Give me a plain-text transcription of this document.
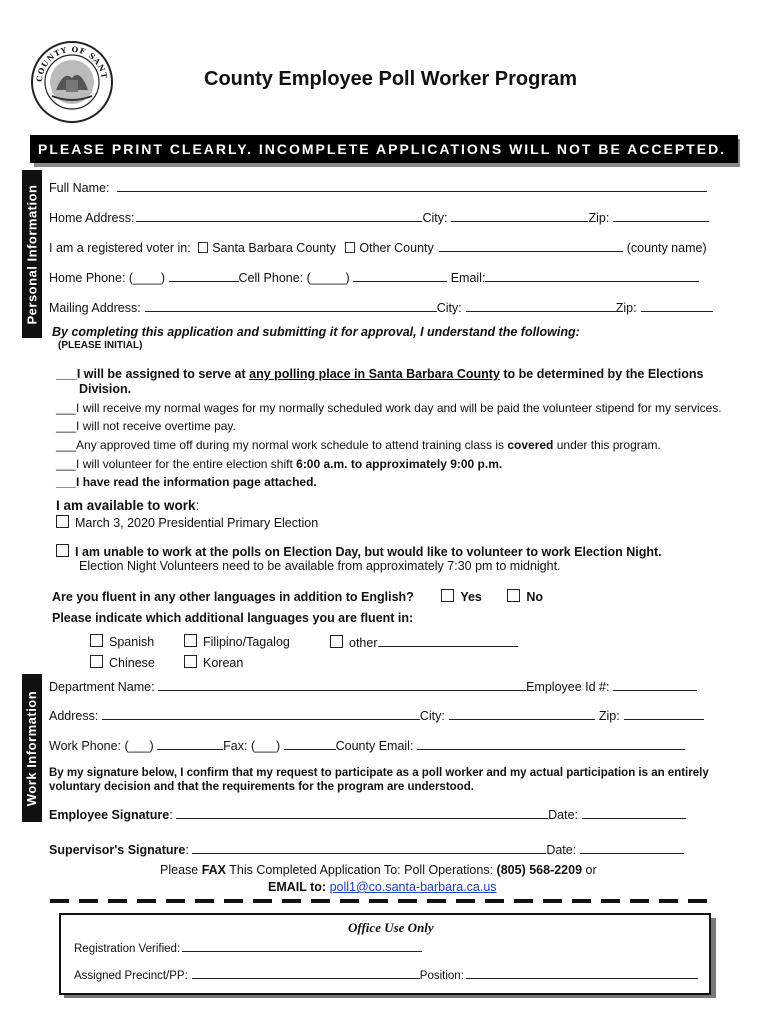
COUNTY OF SANT	County Employee Poll Worker Program
PLEASE PRINT CLEARLY. INCOMPLETE APPLICATIONS WILL NOT BE ACCEPTED.
Personal Information
Work Information
Full Name:
Home Address:	City:	Zip:
I am a registered voter in: Santa Barbara County Other County	(county name)
Home Phone: (____)	Cell Phone: (_____)	Email:
Mailing Address:	City:	Zip:
By completing this application and submitting it for approval, I understand the following:
(PLEASE INITIAL)
___I will be assigned to serve at any polling place in Santa Barbara County to be determined by the Elections
Division.
___I will receive my normal wages for my normally scheduled work day and will be paid the volunteer stipend for my services.
___I will not receive overtime pay.
___Any approved time off during my normal work schedule to attend training class is covered under this program.
___I will volunteer for the entire election shift 6:00 a.m. to approximately 9:00 p.m.
___I have read the information page attached.
I am available to work:
March 3, 2020 Presidential Primary Election
I am unable to work at the polls on Election Day, but would like to volunteer to work Election Night.
Election Night Volunteers need to be available from approximately 7:30 pm to midnight.
Are you fluent in any other languages in addition to English?	Yes	No
Please indicate which additional languages you are fluent in:
Spanish	Filipino/Tagalog	other
Chinese	Korean
Department Name:	Employee Id #:
Address:	City:	Zip:
Work Phone: (___)	Fax: (___)	County Email:
By my signature below, I confirm that my request to participate as a poll worker and my actual participation is an entirely voluntary decision and that the requirements for the program are understood.
Employee Signature:	Date:
Supervisor's Signature:	Date:
Please FAX This Completed Application To: Poll Operations: (805) 568-2209 or
EMAIL to: poll1@co.santa-barbara.ca.us
Office Use Only
Registration Verified:
Assigned Precinct/PP:	Position:
